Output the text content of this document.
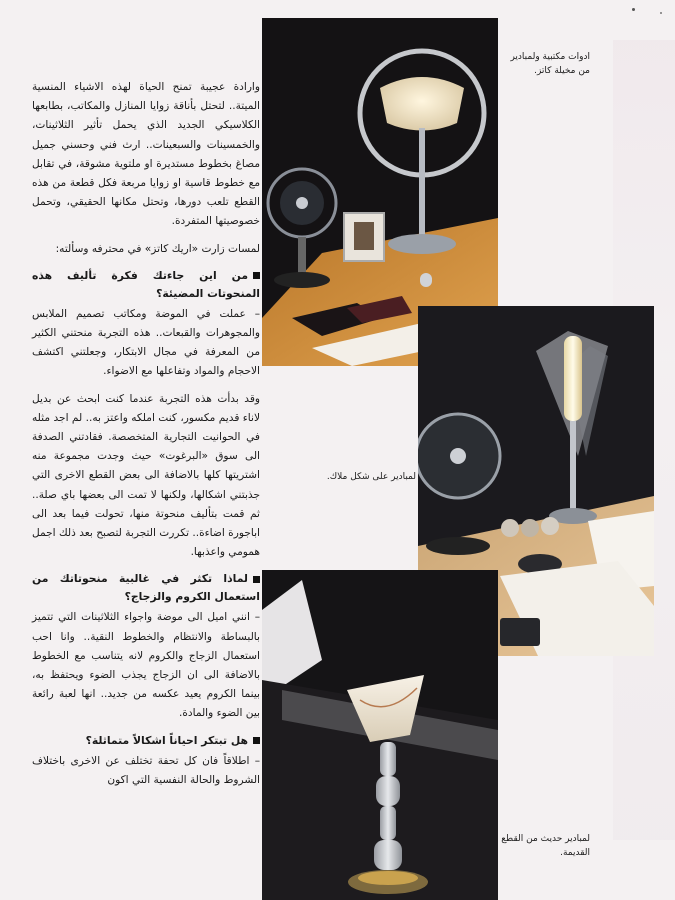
وارادة عجيبة تمنح الحياة لهذه الاشياء المنسية الميتة.. لتحتل بأناقة زوايا المنازل والمكاتب، بطابعها الكلاسيكي الجديد الذي يحمل تأثير الثلاثينات، والخمسينات والسبعينات.. ارث فني وحسني جميل مصاغ بخطوط مستديرة او ملتوية مشوقة، في تقابل مع خطوط قاسية او زوايا مربعة فكل قطعة من هذه القطع تلعب دورها، وتحتل مكانها الحقيقي، وتحمل خصوصيتها المتفردة.

لمسات زارت «اريك كاتز» في محترفه وسألته:

من اين جاءتك فكرة تأليف هذه المنحوتات المضيئة؟

– عملت في الموضة ومكاتب تصميم الملابس والمجوهرات والقبعات.. هذه التجربة منحتني الكثير من المعرفة في مجال الابتكار، وجعلتني اكتشف الاحجام والمواد وتفاعلها مع الاضواء.

وقد بدأت هذه التجربة عندما كنت ابحث عن بديل لاناء قديم مكسور، كنت املكه واعتز به.. لم اجد مثله في الحوانيت التجارية المتخصصة. فقادتني الصدفة الى سوق «البرغوت» حيث وجدت مجموعة منه اشتريتها كلها بالاضافة الى بعض القطع الاخرى التي جذبتني اشكالها، ولكنها لا تمت الى بعضها باي صلة.. ثم قمت بتأليف منحوتة منها، تحولت فيما بعد الى اباجورة اضاءة.. تكررت التجربة لتصبح بعد ذلك اجمل همومي واعذبها.

لماذا تكثر في غالبية منحوتاتك من استعمال الكروم والزجاج؟

– انني اميل الى موضة واجواء الثلاثينات التي تتميز بالبساطة والانتظام والخطوط النقية.. وانا احب استعمال الزجاج والكروم لانه يتناسب مع الخطوط بالاضافة الى ان الزجاج يجذب الضوء ويحتفظ به، بينما الكروم يعيد عكسه من جديد.. انها لعبة رائعة بين الضوء والمادة.

هل تبتكر احياناً اشكالاً متماثلة؟

– اطلاقاً فان كل تحفة تختلف عن الاخرى باختلاف الشروط والحالة النفسية التي اكون

ادوات مكتبية ولمبادير من مخيلة كاتز.
لمبادير على شكل ملاك.
لمبادير حديث من القطع القديمة.
